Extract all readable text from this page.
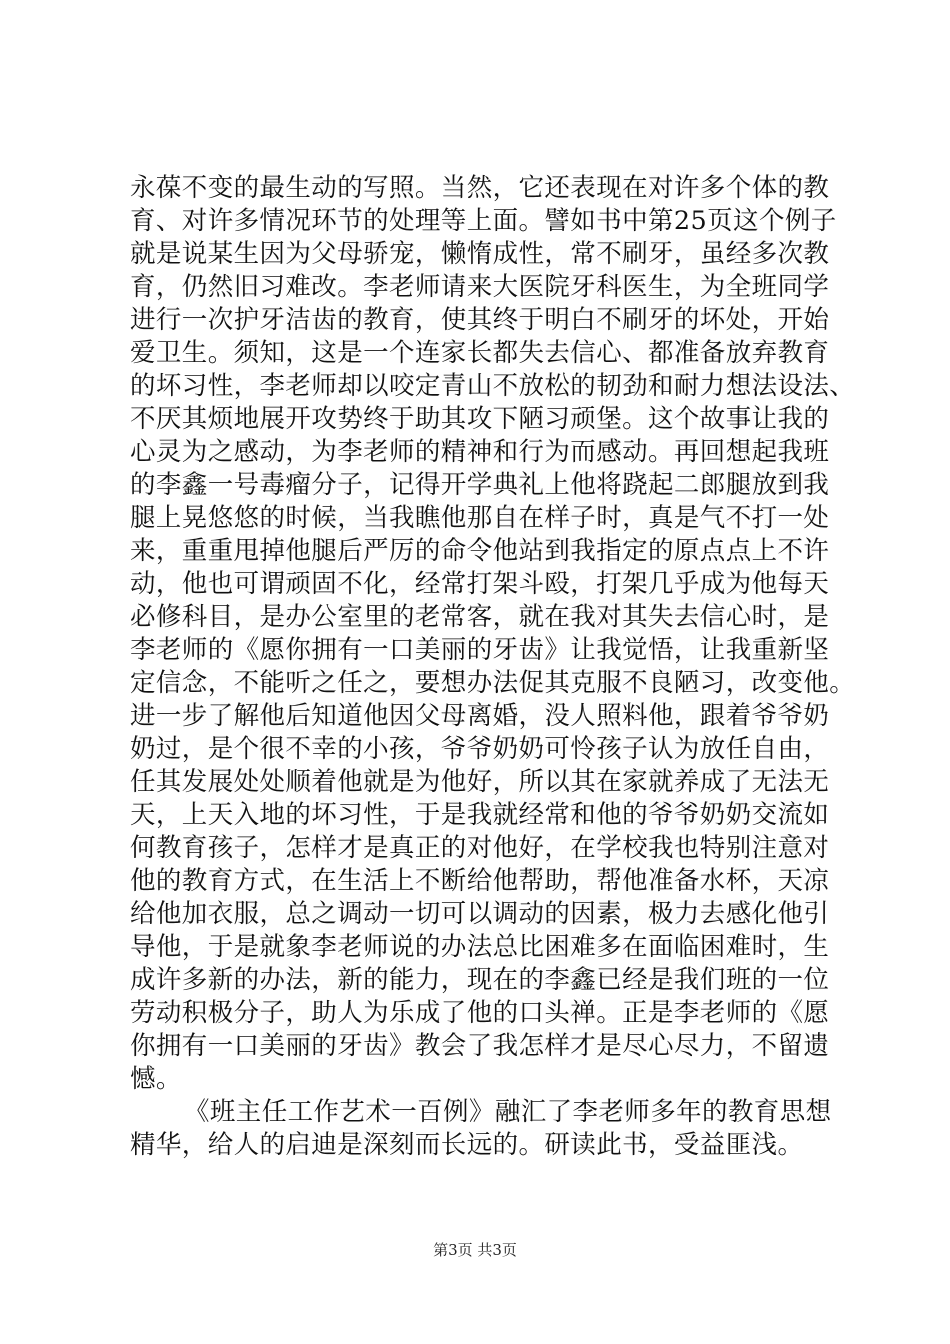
永葆不变的最生动的写照。当然，它还表现在对许多个体的教
育、对许多情况环节的处理等上面。譬如书中第25页这个例子
就是说某生因为父母骄宠，懒惰成性，常不刷牙，虽经多次教
育，仍然旧习难改。李老师请来大医院牙科医生，为全班同学
进行一次护牙洁齿的教育，使其终于明白不刷牙的坏处，开始
爱卫生。须知，这是一个连家长都失去信心、都准备放弃教育
的坏习性，李老师却以咬定青山不放松的韧劲和耐力想法设法、
不厌其烦地展开攻势终于助其攻下陋习顽堡。这个故事让我的
心灵为之感动，为李老师的精神和行为而感动。再回想起我班
的李鑫一号毒瘤分子，记得开学典礼上他将跷起二郎腿放到我
腿上晃悠悠的时候，当我瞧他那自在样子时，真是气不打一处
来，重重甩掉他腿后严厉的命令他站到我指定的原点点上不许
动，他也可谓顽固不化，经常打架斗殴，打架几乎成为他每天
必修科目，是办公室里的老常客，就在我对其失去信心时，是
李老师的《愿你拥有一口美丽的牙齿》让我觉悟，让我重新坚
定信念，不能听之任之，要想办法促其克服不良陋习，改变他。
进一步了解他后知道他因父母离婚，没人照料他，跟着爷爷奶
奶过，是个很不幸的小孩，爷爷奶奶可怜孩子认为放任自由，
任其发展处处顺着他就是为他好，所以其在家就养成了无法无
天，上天入地的坏习性，于是我就经常和他的爷爷奶奶交流如
何教育孩子，怎样才是真正的对他好，在学校我也特别注意对
他的教育方式，在生活上不断给他帮助，帮他准备水杯，天凉
给他加衣服，总之调动一切可以调动的因素，极力去感化他引
导他，于是就象李老师说的办法总比困难多在面临困难时，生
成许多新的办法，新的能力，现在的李鑫已经是我们班的一位
劳动积极分子，助人为乐成了他的口头禅。正是李老师的《愿
你拥有一口美丽的牙齿》教会了我怎样才是尽心尽力，不留遗
憾。
《班主任工作艺术一百例》融汇了李老师多年的教育思想
精华，给人的启迪是深刻而长远的。研读此书，受益匪浅。
第3页 共3页
